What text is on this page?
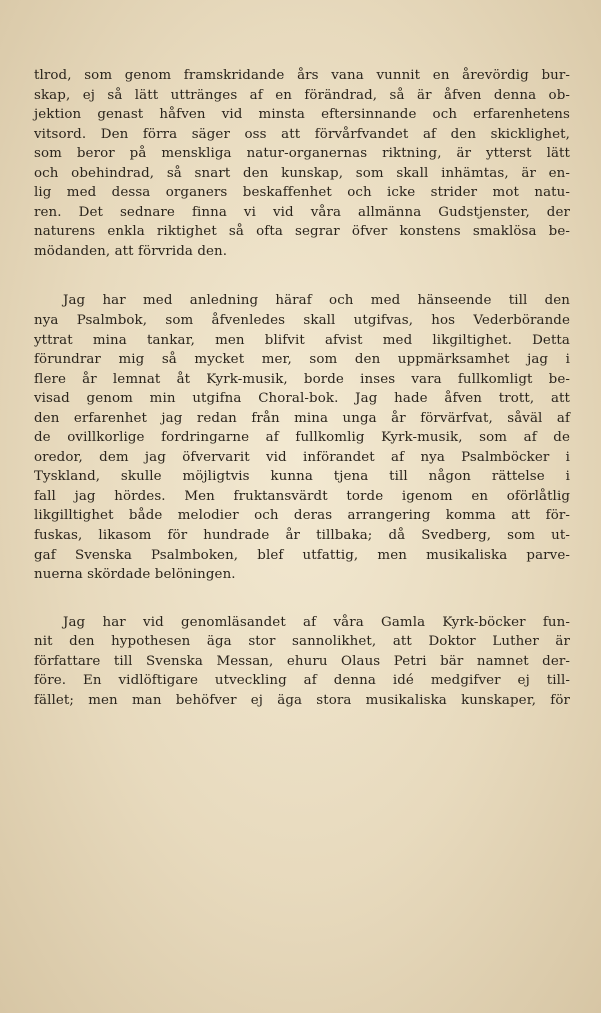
tlrod, som genom framskridande års vana vunnit en årevördig bur-
skap, ej så lätt uttränges af en förändrad, så är åfven denna ob-
jektion genast håfven vid minsta eftersinnande och erfarenhetens
vitsord. Den förra säger oss att förvårfvandet af den skicklighet,
som beror på menskliga natur-organernas riktning, är ytterst lätt
och obehindrad, så snart den kunskap, som skall inhämtas, är en-
lig med dessa organers beskaffenhet och icke strider mot natu-
ren. Det sednare finna vi vid våra allmänna Gudstjenster, der
naturens enkla riktighet så ofta segrar öfver konstens smaklösa be-
mödanden, att förvrida den.
Jag har med anledning häraf och med hänseende till den
nya Psalmbok, som åfvenledes skall utgifvas, hos Vederbörande
yttrat mina tankar, men blifvit afvist med likgiltighet. Detta
förundrar mig så mycket mer, som den uppmärksamhet jag i
flere år lemnat åt Kyrk-musik, borde inses vara fullkomligt be-
visad genom min utgifna Choral-bok. Jag hade åfven trott, att
den erfarenhet jag redan från mina unga år förvärfvat, såväl af
de ovillkorlige fordringarne af fullkomlig Kyrk-musik, som af de
oredor, dem jag öfvervarit vid införandet af nya Psalmböcker i
Tyskland, skulle möjligtvis kunna tjena till någon rättelse i
fall jag hördes. Men fruktansvärdt torde igenom en oförlåtlig
likgilltighet både melodier och deras arrangering komma att för-
fuskas, likasom för hundrade år tillbaka; då Svedberg, som ut-
gaf Svenska Psalmboken, blef utfattig, men musikaliska parve-
nuerna skördade belöningen.
Jag har vid genomläsandet af våra Gamla Kyrk-böcker fun-
nit den hypothesen äga stor sannolikhet, att Doktor Luther är
författare till Svenska Messan, ehuru Olaus Petri bär namnet der-
före. En vidlöftigare utveckling af denna idé medgifver ej till-
fället; men man behöfver ej äga stora musikaliska kunskaper, för
